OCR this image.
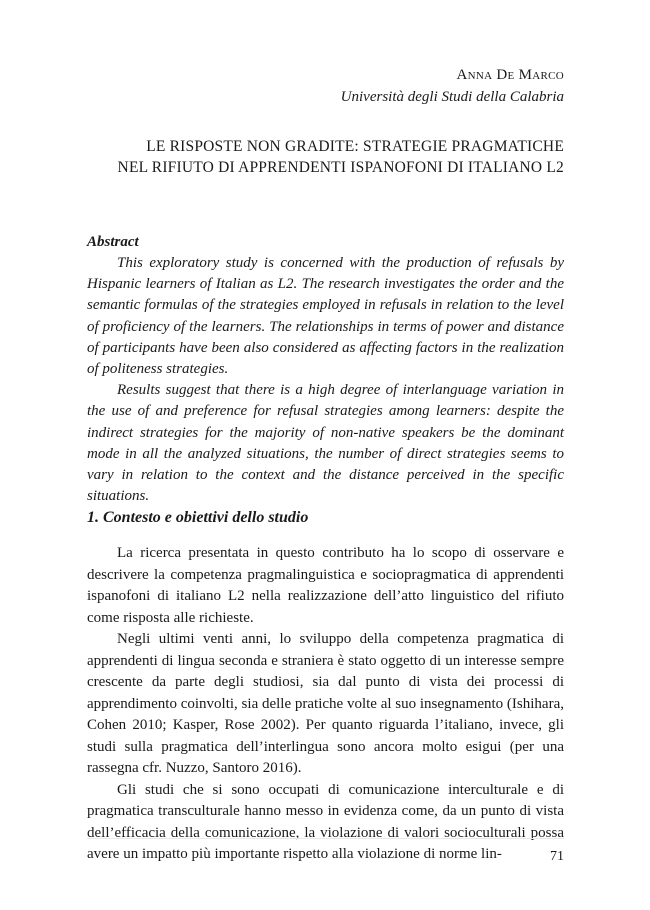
Anna De Marco
Università degli Studi della Calabria
LE RISPOSTE NON GRADITE: STRATEGIE PRAGMATICHE
NEL RIFIUTO DI APPRENDENTI ISPANOFONI DI ITALIANO L2
Abstract

This exploratory study is concerned with the production of refusals by Hispanic learners of Italian as L2. The research investigates the order and the semantic formulas of the strategies employed in refusals in relation to the level of proficiency of the learners. The relationships in terms of power and distance of participants have been also considered as affecting factors in the realization of politeness strategies.

Results suggest that there is a high degree of interlanguage variation in the use of and preference for refusal strategies among learners: despite the indirect strategies for the majority of non-native speakers be the dominant mode in all the analyzed situations, the number of direct strategies seems to vary in relation to the context and the distance perceived in the specific situations.

1. Contesto e obiettivi dello studio

La ricerca presentata in questo contributo ha lo scopo di osservare e descrivere la competenza pragmalinguistica e sociopragmatica di apprendenti ispanofoni di italiano L2 nella realizzazione dell’atto linguistico del rifiuto come risposta alle richieste.

Negli ultimi venti anni, lo sviluppo della competenza pragmatica di apprendenti di lingua seconda e straniera è stato oggetto di un interesse sempre crescente da parte degli studiosi, sia dal punto di vista dei processi di apprendimento coinvolti, sia delle pratiche volte al suo insegnamento (Ishihara, Cohen 2010; Kasper, Rose 2002). Per quanto riguarda l’italiano, invece, gli studi sulla pragmatica dell’interlingua sono ancora molto esigui (per una rassegna cfr. Nuzzo, Santoro 2016).

Gli studi che si sono occupati di comunicazione interculturale e di pragmatica transculturale hanno messo in evidenza come, da un punto di vista dell’efficacia della comunicazione, la violazione di valori socioculturali possa avere un impatto più importante rispetto alla violazione di norme lin-	71
